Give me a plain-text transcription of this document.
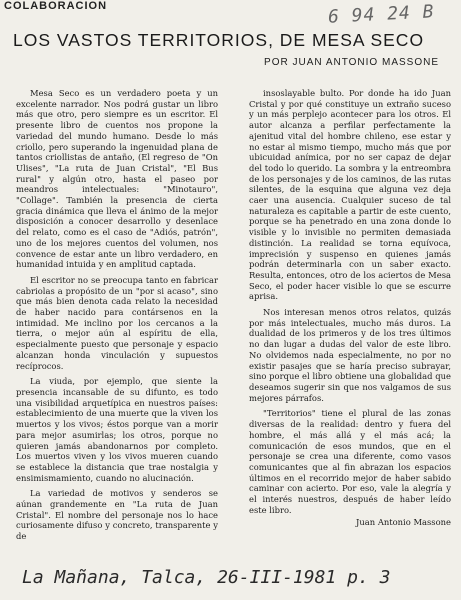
COLABORACION	6 94 24 B
LOS VASTOS TERRITORIOS, DE MESA SECO
POR JUAN ANTONIO MASSONE

Mesa Seco es un verdadero poeta y un excelente narrador. Nos podrá gustar un libro más que otro, pero siempre es un escritor. El presente libro de cuentos nos propone la variedad del mundo humano. Desde lo más criollo, pero superando la ingenuidad plana de tantos criollistas de antaño, (El regreso de "On Ulises", "La ruta de Juan Cristal", "El Bus rural" y algún otro, hasta el paseo por meandros intelectuales: "Minotauro", "Collage". También la presencia de cierta gracia dinámica que lleva el ánimo de la mejor disposición a conocer desarrollo y desenlace del relato, como es el caso de "Adiós, patrón", uno de los mejores cuentos del volumen, nos convence de estar ante un libro verdadero, en humanidad intuida y en amplitud captada.

El escritor no se preocupa tanto en fabricar cabriolas a propósito de un "por si acaso", sino que más bien denota cada relato la necesidad de haber nacido para contársenos en la intimidad. Me inclino por los cercanos a la tierra, o mejor aún al espíritu de ella, especialmente puesto que personaje y espacio alcanzan honda vinculación y supuestos recíprocos.

La viuda, por ejemplo, que siente la presencia incansable de su difunto, es todo una visibilidad arquetípica en nuestros países: establecimiento de una muerte que la viven los muertos y los vivos; éstos porque van a morir para mejor asumirlas; los otros, porque no quieren jamás abandonarnos por completo. Los muertos viven y los vivos mueren cuando se establece la distancia que trae nostalgia y ensimismamiento, cuando no alucinación.

La variedad de motivos y senderos se aúnan grandemente en "La ruta de Juan Cristal". El nombre del personaje nos lo hace curiosamente difuso y concreto, transparente y de

insoslayable bulto. Por donde ha ido Juan Cristal y por qué constituye un extraño suceso y un más perplejo acontecer para los otros. El autor alcanza a perfilar perfectamente la ajenitud vital del hombre chileno, ese estar y no estar al mismo tiempo, mucho más que por ubicuidad anímica, por no ser capaz de dejar del todo lo querido. La sombra y la entreombra de los personajes y de los caminos, de las rutas silentes, de la esquina que alguna vez deja caer una ausencia. Cualquier suceso de tal naturaleza es capitable a partir de este cuento, porque se ha penetrado en una zona donde lo visible y lo invisible no permiten demasiada distinción. La realidad se torna equívoca, imprecisión y suspenso en quienes jamás podrán determinarla con un saber exacto. Resulta, entonces, otro de los aciertos de Mesa Seco, el poder hacer visible lo que se escurre aprisa.

Nos interesan menos otros relatos, quizás por más intelectuales, mucho más duros. La dualidad de los primeros y de los tres últimos no dan lugar a dudas del valor de este libro. No olvidemos nada especialmente, no por no existir pasajes que se haría preciso subrayar, sino porque el libro obtiene una globalidad que deseamos sugerir sin que nos valgamos de sus mejores párrafos.

"Territorios" tiene el plural de las zonas diversas de la realidad: dentro y fuera del hombre, el más allá y el más acá; la comunicación de esos mundos, que en el personaje se crea una diferente, como vasos comunicantes que al fin abrazan los espacios últimos en el recorrido mejor de haber sabido caminar con acierto. Por eso, vale la alegría y el interés nuestros, después de haber leído este libro.

Juan Antonio Massone

La Mañana, Talca, 26-III-1981 p. 3
